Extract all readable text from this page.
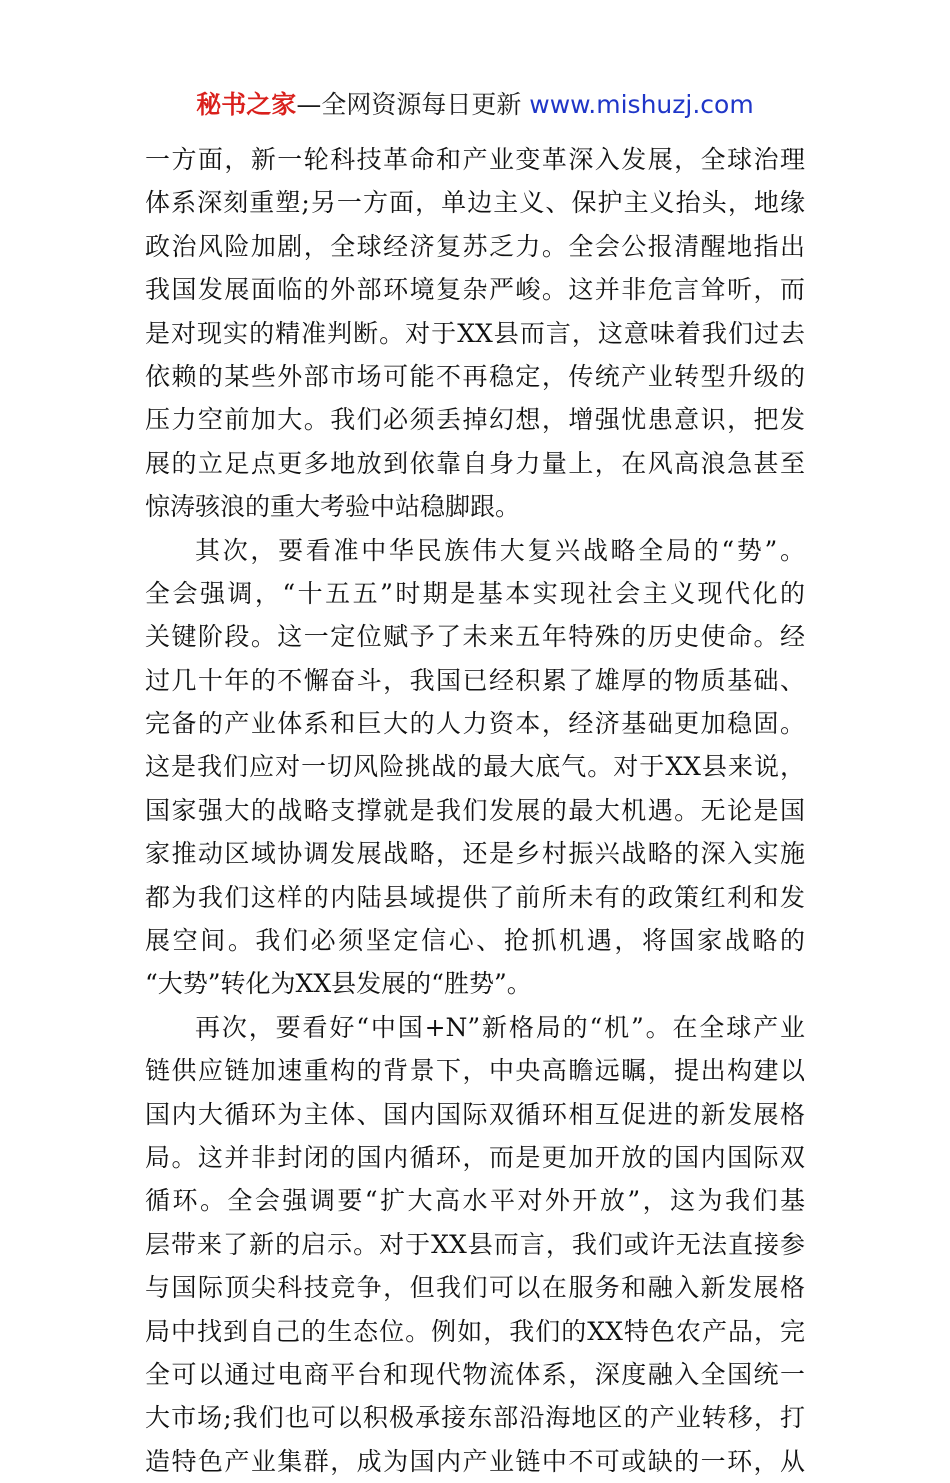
秘书之家—全网资源每日更新 www.mishuzj.com
一方面，新一轮科技革命和产业变革深入发展，全球治理
体系深刻重塑;另一方面，单边主义、保护主义抬头，地缘
政治风险加剧，全球经济复苏乏力。全会公报清醒地指出
我国发展面临的外部环境复杂严峻。这并非危言耸听，而
是对现实的精准判断。对于XX县而言，这意味着我们过去
依赖的某些外部市场可能不再稳定，传统产业转型升级的
压力空前加大。我们必须丢掉幻想，增强忧患意识，把发
展的立足点更多地放到依靠自身力量上，在风高浪急甚至
惊涛骇浪的重大考验中站稳脚跟。
其次，要看准中华民族伟大复兴战略全局的“势”。
全会强调，“十五五”时期是基本实现社会主义现代化的
关键阶段。这一定位赋予了未来五年特殊的历史使命。经
过几十年的不懈奋斗，我国已经积累了雄厚的物质基础、
完备的产业体系和巨大的人力资本，经济基础更加稳固。
这是我们应对一切风险挑战的最大底气。对于XX县来说，
国家强大的战略支撑就是我们发展的最大机遇。无论是国
家推动区域协调发展战略，还是乡村振兴战略的深入实施
都为我们这样的内陆县域提供了前所未有的政策红利和发
展空间。我们必须坚定信心、抢抓机遇，将国家战略的
“大势”转化为XX县发展的“胜势”。
再次，要看好“中国+N”新格局的“机”。在全球产业
链供应链加速重构的背景下，中央高瞻远瞩，提出构建以
国内大循环为主体、国内国际双循环相互促进的新发展格
局。这并非封闭的国内循环，而是更加开放的国内国际双
循环。全会强调要“扩大高水平对外开放”，这为我们基
层带来了新的启示。对于XX县而言，我们或许无法直接参
与国际顶尖科技竞争，但我们可以在服务和融入新发展格
局中找到自己的生态位。例如，我们的XX特色农产品，完
全可以通过电商平台和现代物流体系，深度融入全国统一
大市场;我们也可以积极承接东部沿海地区的产业转移，打
造特色产业集群，成为国内产业链中不可或缺的一环，从
